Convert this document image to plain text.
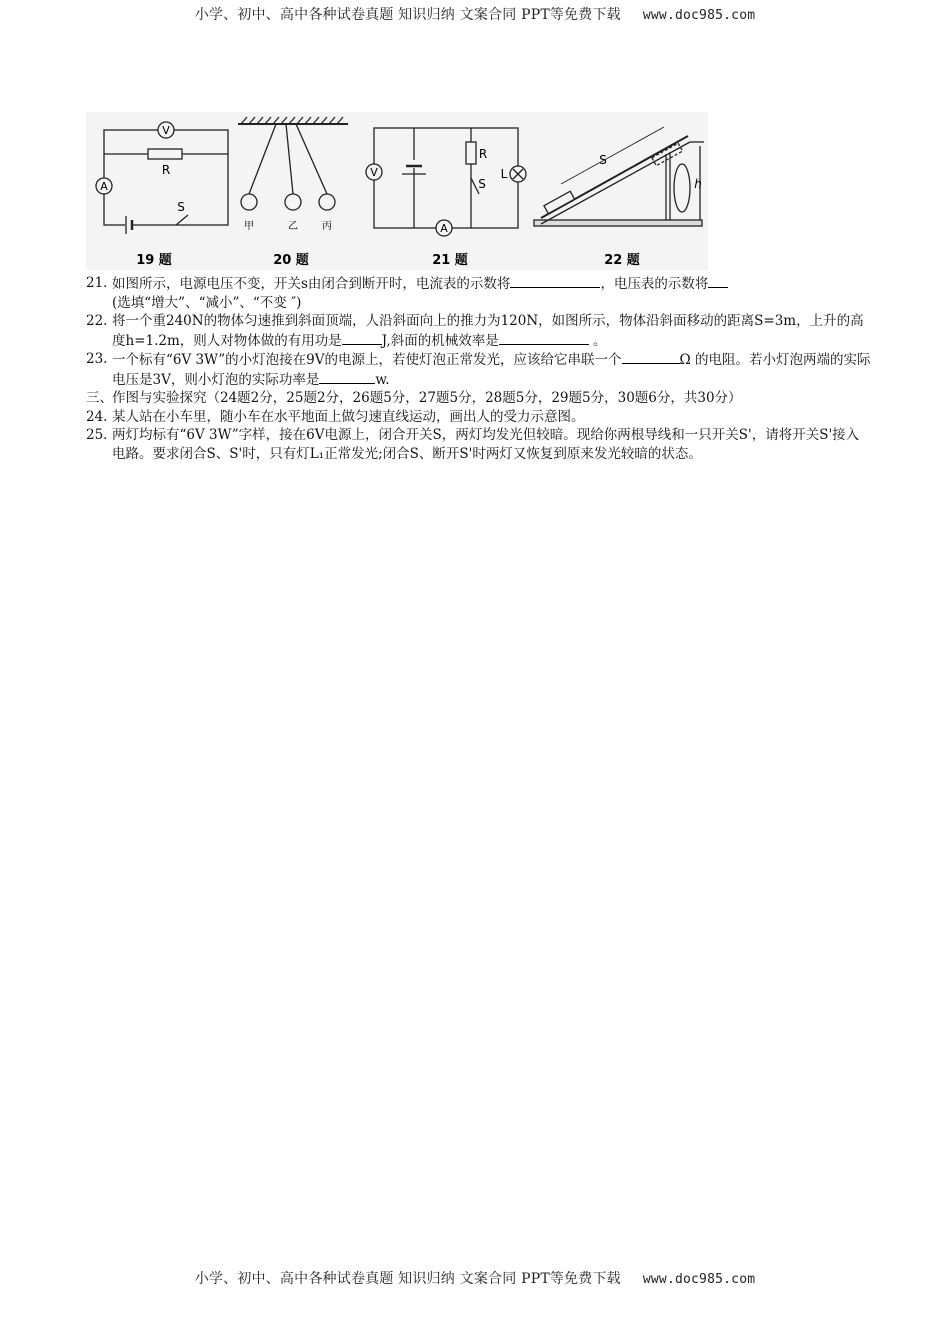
小学、初中、高中各种试卷真题 知识归纳 文案合同 PPT等免费下载 www.doc985.com
V
R
A
S
19 题
甲	乙 丙
20 题
V
R
S
L
A
21 题
S
h
22 题

21. 如图所示，电源电压不变，开关s由闭合到断开时，电流表的示数将	，电压表的示数将
(选填“增大”、“减小”、“不变 ″)

22. 将一个重240N的物体匀速推到斜面顶端，人沿斜面向上的推力为120N，如图所示，物体沿斜面移动的距离S=3m，上升的高度h=1.2m，则人对物体做的有用功是	J,斜面的机械效率是	。

23. 一个标有“6V 3W”的小灯泡接在9V的电源上，若使灯泡正常发光，应该给它串联一个	Ω 的电阻。若小灯泡两端的实际电压是3V，则小灯泡的实际功率是	w.

三、 作图与实验探究（24题2分，25题2分，26题5分，27题5分，28题5分，29题5分，30题6分，共30分）

24. 某人站在小车里，随小车在水平地面上做匀速直线运动，画出人的受力示意图。

25. 两灯均标有“6V 3W”字样，接在6V电源上，闭合开关S，两灯均发光但较暗。现给你两根导线和一只开关S'，请将开关S'接入电路。要求闭合S、S'时，只有灯L₁正常发光;闭合S、断开S'时两灯又恢复到原来发光较暗的状态。

小学、初中、高中各种试卷真题 知识归纳 文案合同 PPT等免费下载 www.doc985.com
